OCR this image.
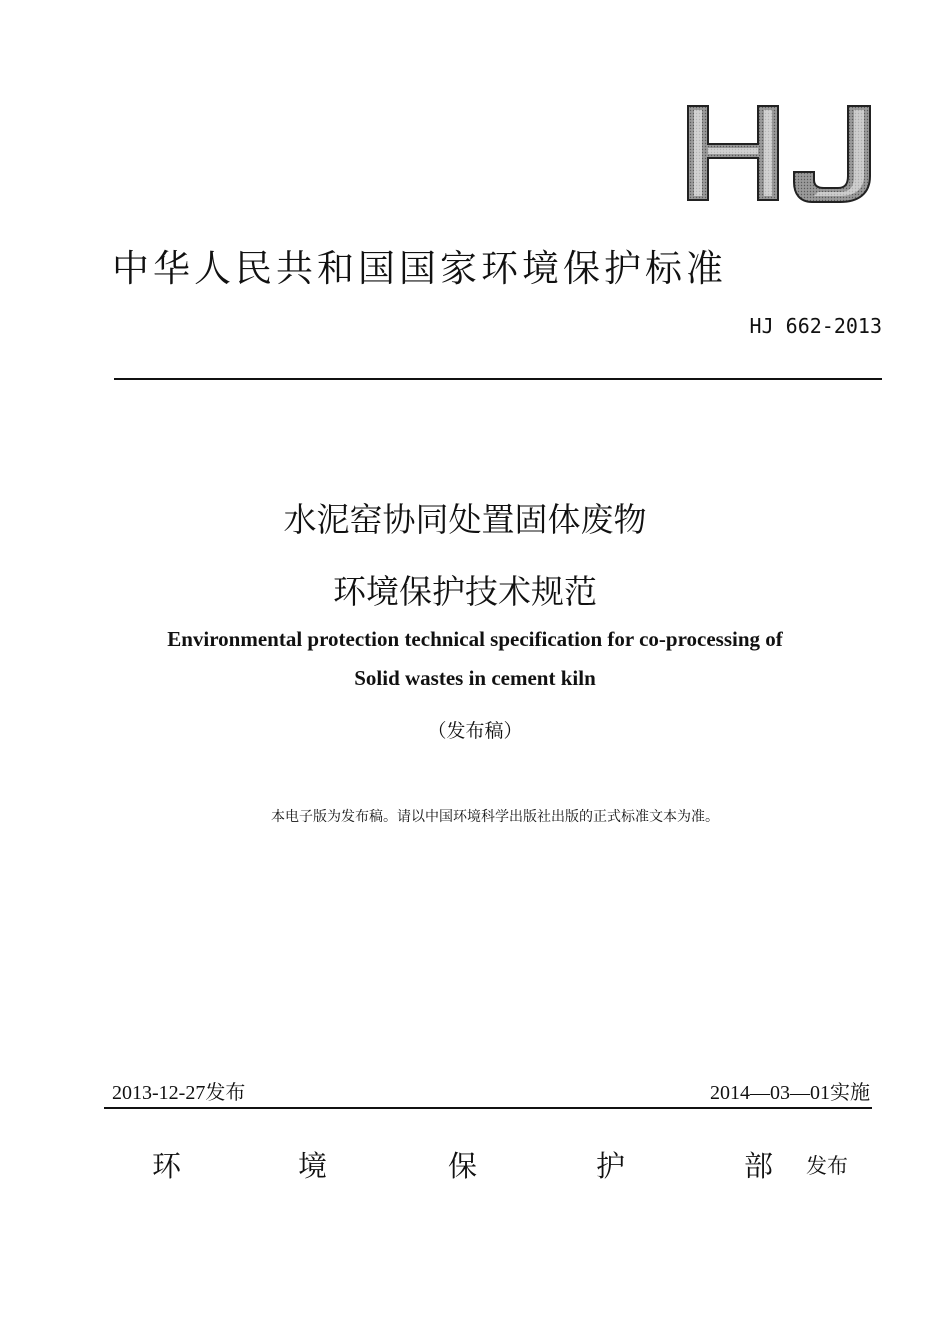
中华人民共和国国家环境保护标准
HJ 662-2013
水泥窑协同处置固体废物
环境保护技术规范
Environmental protection technical specification for co-processing of
Solid wastes in cement kiln
（发布稿）
本电子版为发布稿。请以中国环境科学出版社出版的正式标准文本为准。
2013-12-27发布	2014—03—01实施
环	境	保	护	部 发布
